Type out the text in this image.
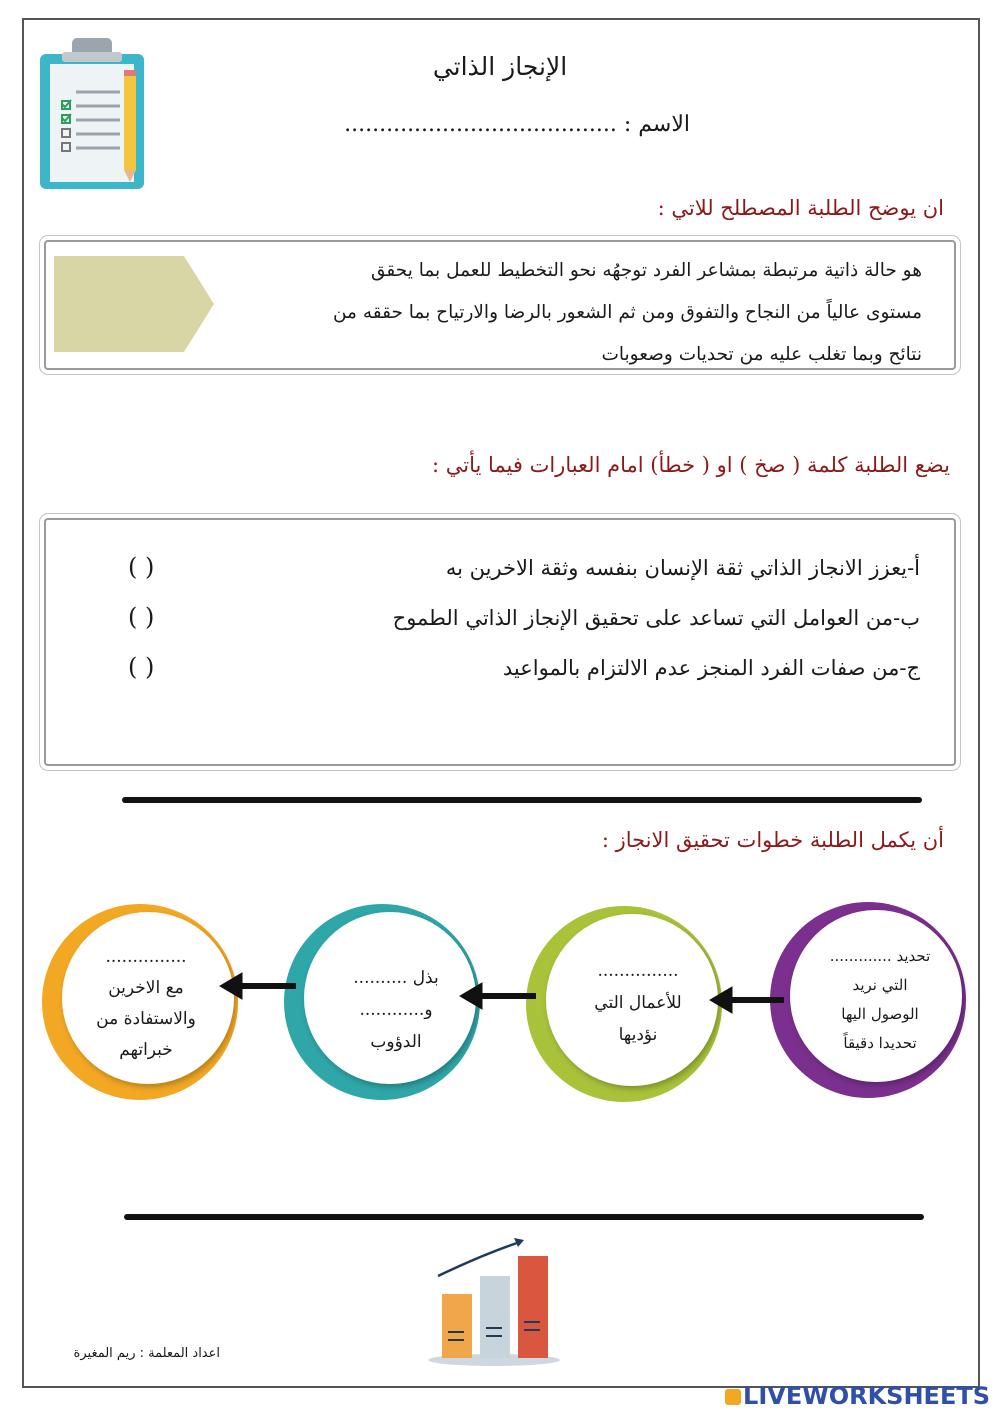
الإنجاز الذاتي
الاسم : .......................................
ان يوضح الطلبة المصطلح للاتي :
هو حالة ذاتية مرتبطة بمشاعر الفرد توجهُه نحو التخطيط للعمل بما يحقق
مستوى عالياً من النجاح والتفوق ومن ثم الشعور بالرضا والارتياح بما حققه من
نتائح وبما تغلب عليه من تحديات وصعوبات
يضع الطلبة كلمة ( صخ ) او ( خطأ) امام العبارات فيما يأتي :
أ-يعزز الانجاز الذاتي ثقة الإنسان بنفسه وثقة الاخرين به
( )
ب-من العوامل التي تساعد على تحقيق الإنجاز الذاتي الطموح
( )
ج-من صفات الفرد المنجز عدم الالتزام بالمواعيد
( )
أن يكمل الطلبة خطوات تحقيق الانجاز :
تحديد .............
التي نريد
الوصول اليها
تحديدا دقيقاً
...............
للأعمال التي
نؤديها
بذل ..........
و............
الدؤوب
...............
مع الاخرين
والاستفادة من
خبراتهم
اعداد المعلمة : ريم المغيرة
LIVEWORKSHEETS
